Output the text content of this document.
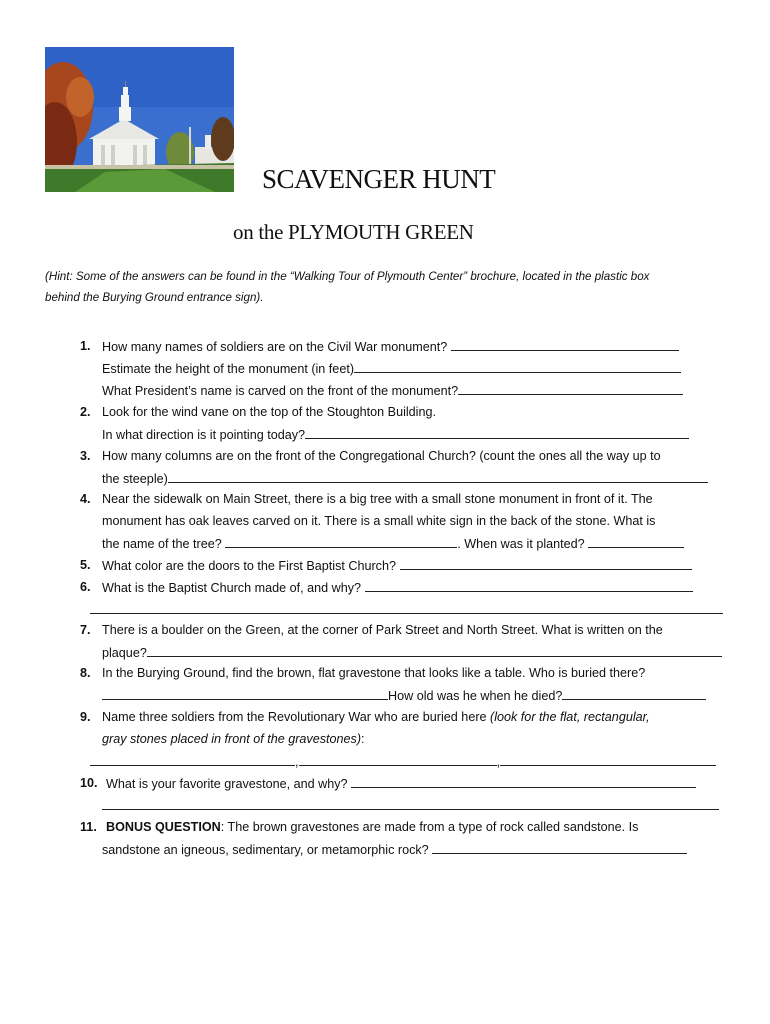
SCAVENGER HUNT
on the PLYMOUTH GREEN
(Hint: Some of the answers can be found in the “Walking Tour of Plymouth Center” brochure, located in the plastic box
behind the Burying Ground entrance sign).
1. How many names of soldiers are on the Civil War monument?
Estimate the height of the monument (in feet)
What President’s name is carved on the front of the monument?
2. Look for the wind vane on the top of the Stoughton Building.
In what direction is it pointing today?
3. How many columns are on the front of the Congregational Church? (count the ones all the way up to
the steeple)
4. Near the sidewalk on Main Street, there is a big tree with a small stone monument in front of it. The
monument has oak leaves carved on it. There is a small white sign in the back of the stone. What is
the name of the tree?	. When was it planted?
5. What color are the doors to the First Baptist Church?
6. What is the Baptist Church made of, and why?
7. There is a boulder on the Green, at the corner of Park Street and North Street. What is written on the
plaque?
8. In the Burying Ground, find the brown, flat gravestone that looks like a table. Who is buried there?
How old was he when he died?
9. Name three soldiers from the Revolutionary War who are buried here (look for the flat, rectangular,
gray stones placed in front of the gravestones):
,	,
10. What is your favorite gravestone, and why?
11. BONUS QUESTION: The brown gravestones are made from a type of rock called sandstone. Is
sandstone an igneous, sedimentary, or metamorphic rock?
